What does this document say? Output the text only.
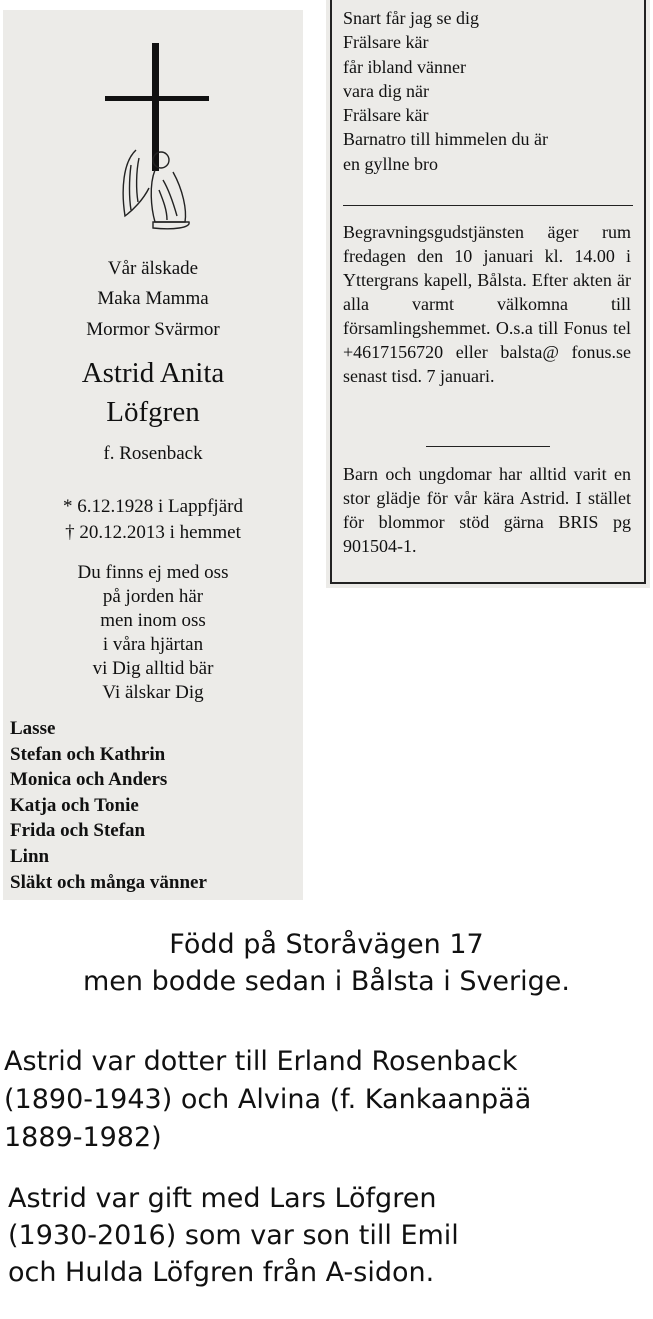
Vår älskade
Maka Mamma
Mormor Svärmor
Astrid Anita
Löfgren
f. Rosenback
* 6.12.1928 i Lappfjärd
† 20.12.2013 i hemmet
Du finns ej med oss
på jorden här
men inom oss
i våra hjärtan
vi Dig alltid bär
Vi älskar Dig
Lasse
Stefan och Kathrin
Monica och Anders
Katja och Tonie
Frida och Stefan
Linn
Släkt och många vänner
Snart får jag se dig
Frälsare kär
får ibland vänner
vara dig när
Frälsare kär
Barnatro till himmelen du är
en gyllne bro
Begravningsgudstjänsten äger rum fredagen den 10 januari kl. 14.00 i Yttergrans kapell, Bålsta. Efter akten är alla varmt välkomna till församlingshemmet. O.s.a till Fonus tel +4617156720 eller balsta@ fonus.se senast tisd. 7 januari.
Barn och ungdomar har alltid varit en stor glädje för vår kära Astrid. I stället för blommor stöd gärna BRIS pg 901504-1.
Född på Storåvägen 17
men bodde sedan i Bålsta i Sverige.
Astrid var dotter till Erland Rosenback
(1890-1943) och Alvina (f. Kankaanpää
1889-1982)
Astrid var gift med Lars Löfgren
(1930-2016) som var son till Emil
och Hulda Löfgren från A-sidon.
